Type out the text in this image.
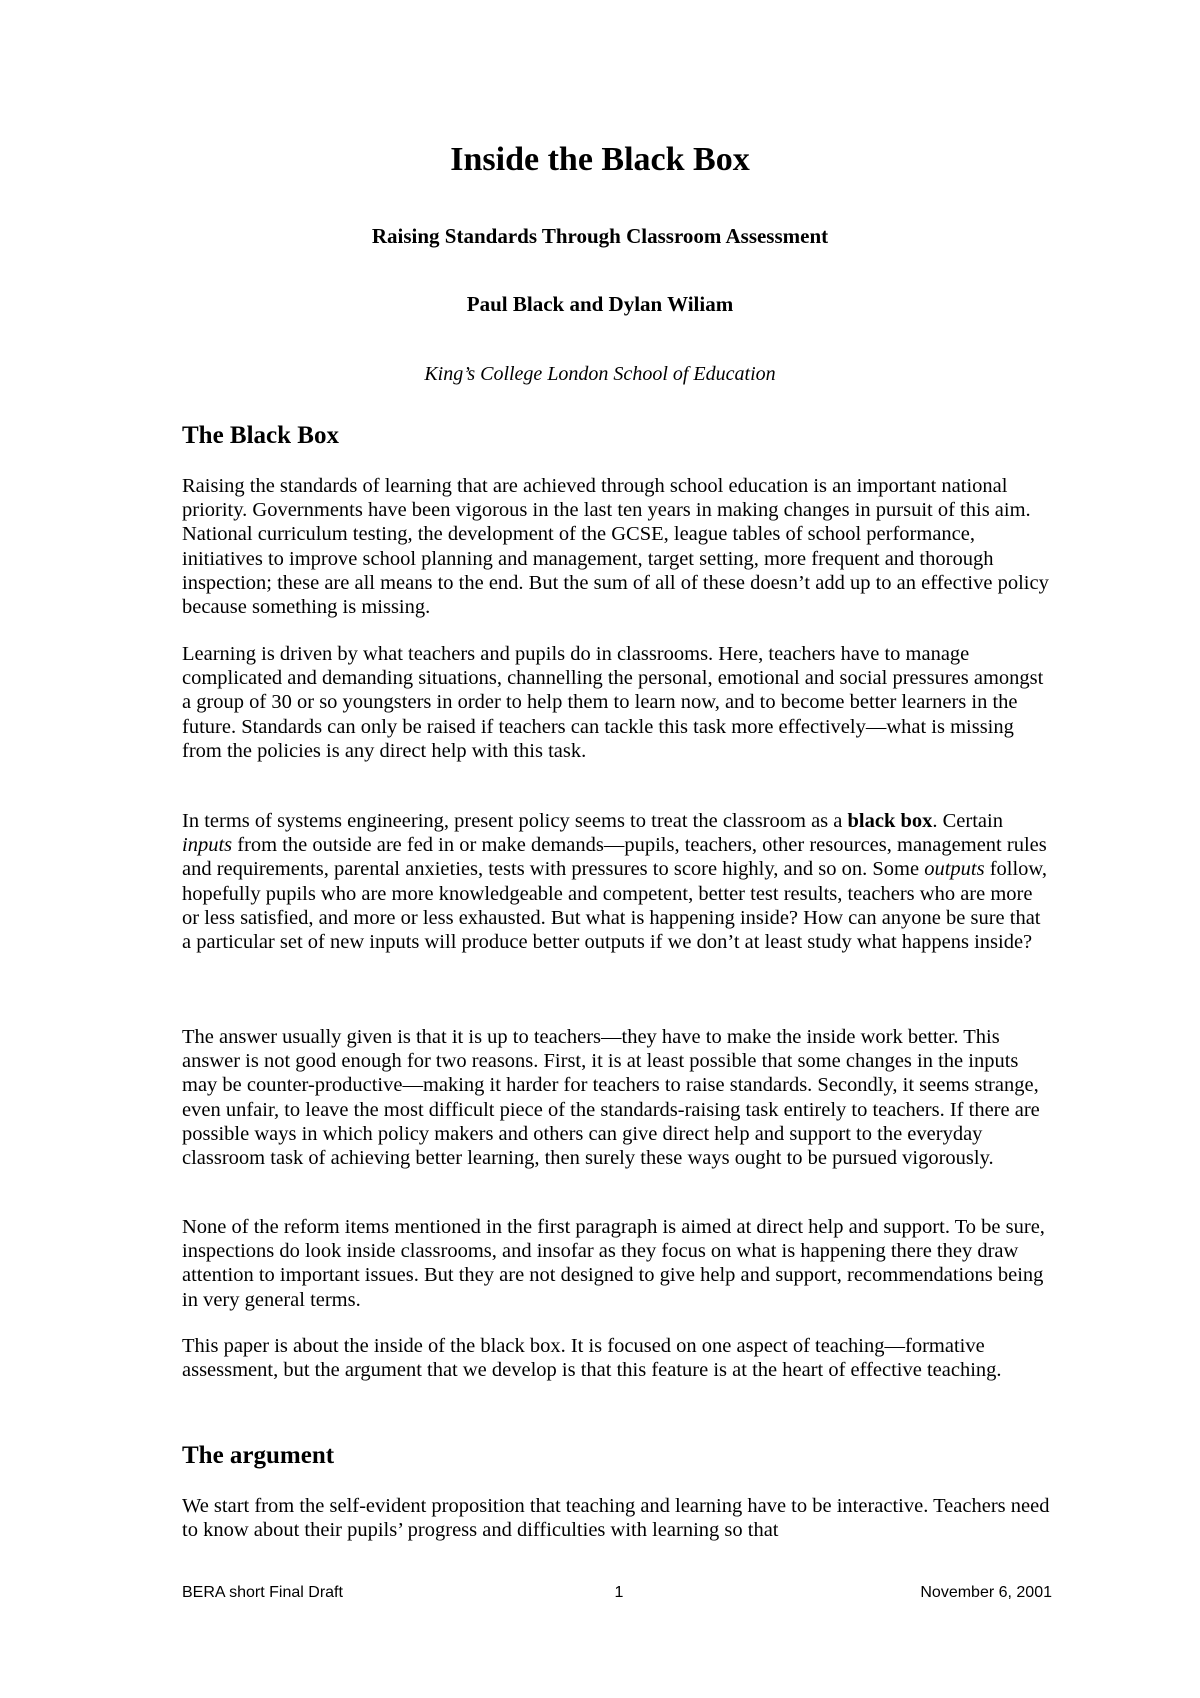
Inside the Black Box
Raising Standards Through Classroom Assessment

Paul Black and Dylan Wiliam

King’s College London School of Education

The Black Box

Raising the standards of learning that are achieved through school education is an important national priority. Governments have been vigorous in the last ten years in making changes in pursuit of this aim. National curriculum testing, the development of the GCSE, league tables of school performance, initiatives to improve school planning and management, target setting, more frequent and thorough inspection; these are all means to the end. But the sum of all of these doesn’t add up to an effective policy because something is missing.

Learning is driven by what teachers and pupils do in classrooms. Here, teachers have to manage complicated and demanding situations, channelling the personal, emotional and social pressures amongst a group of 30 or so youngsters in order to help them to learn now, and to become better learners in the future. Standards can only be raised if teachers can tackle this task more effectively—what is missing from the policies is any direct help with this task.

In terms of systems engineering, present policy seems to treat the classroom as a black box. Certain inputs from the outside are fed in or make demands—pupils, teachers, other resources, management rules and requirements, parental anxieties, tests with pressures to score highly, and so on. Some outputs follow, hopefully pupils who are more knowledgeable and competent, better test results, teachers who are more or less satisfied, and more or less exhausted. But what is happening inside? How can anyone be sure that a particular set of new inputs will produce better outputs if we don’t at least study what happens inside?

The answer usually given is that it is up to teachers—they have to make the inside work better. This answer is not good enough for two reasons. First, it is at least possible that some changes in the inputs may be counter-productive—making it harder for teachers to raise standards. Secondly, it seems strange, even unfair, to leave the most difficult piece of the standards-raising task entirely to teachers. If there are possible ways in which policy makers and others can give direct help and support to the everyday classroom task of achieving better learning, then surely these ways ought to be pursued vigorously.

None of the reform items mentioned in the first paragraph is aimed at direct help and support. To be sure, inspections do look inside classrooms, and insofar as they focus on what is happening there they draw attention to important issues. But they are not designed to give help and support, recommendations being in very general terms.

This paper is about the inside of the black box. It is focused on one aspect of teaching—formative assessment, but the argument that we develop is that this feature is at the heart of effective teaching.

The argument

We start from the self-evident proposition that teaching and learning have to be interactive. Teachers need to know about their pupils’ progress and difficulties with learning so that

BERA short Final Draft	1	November 6, 2001
